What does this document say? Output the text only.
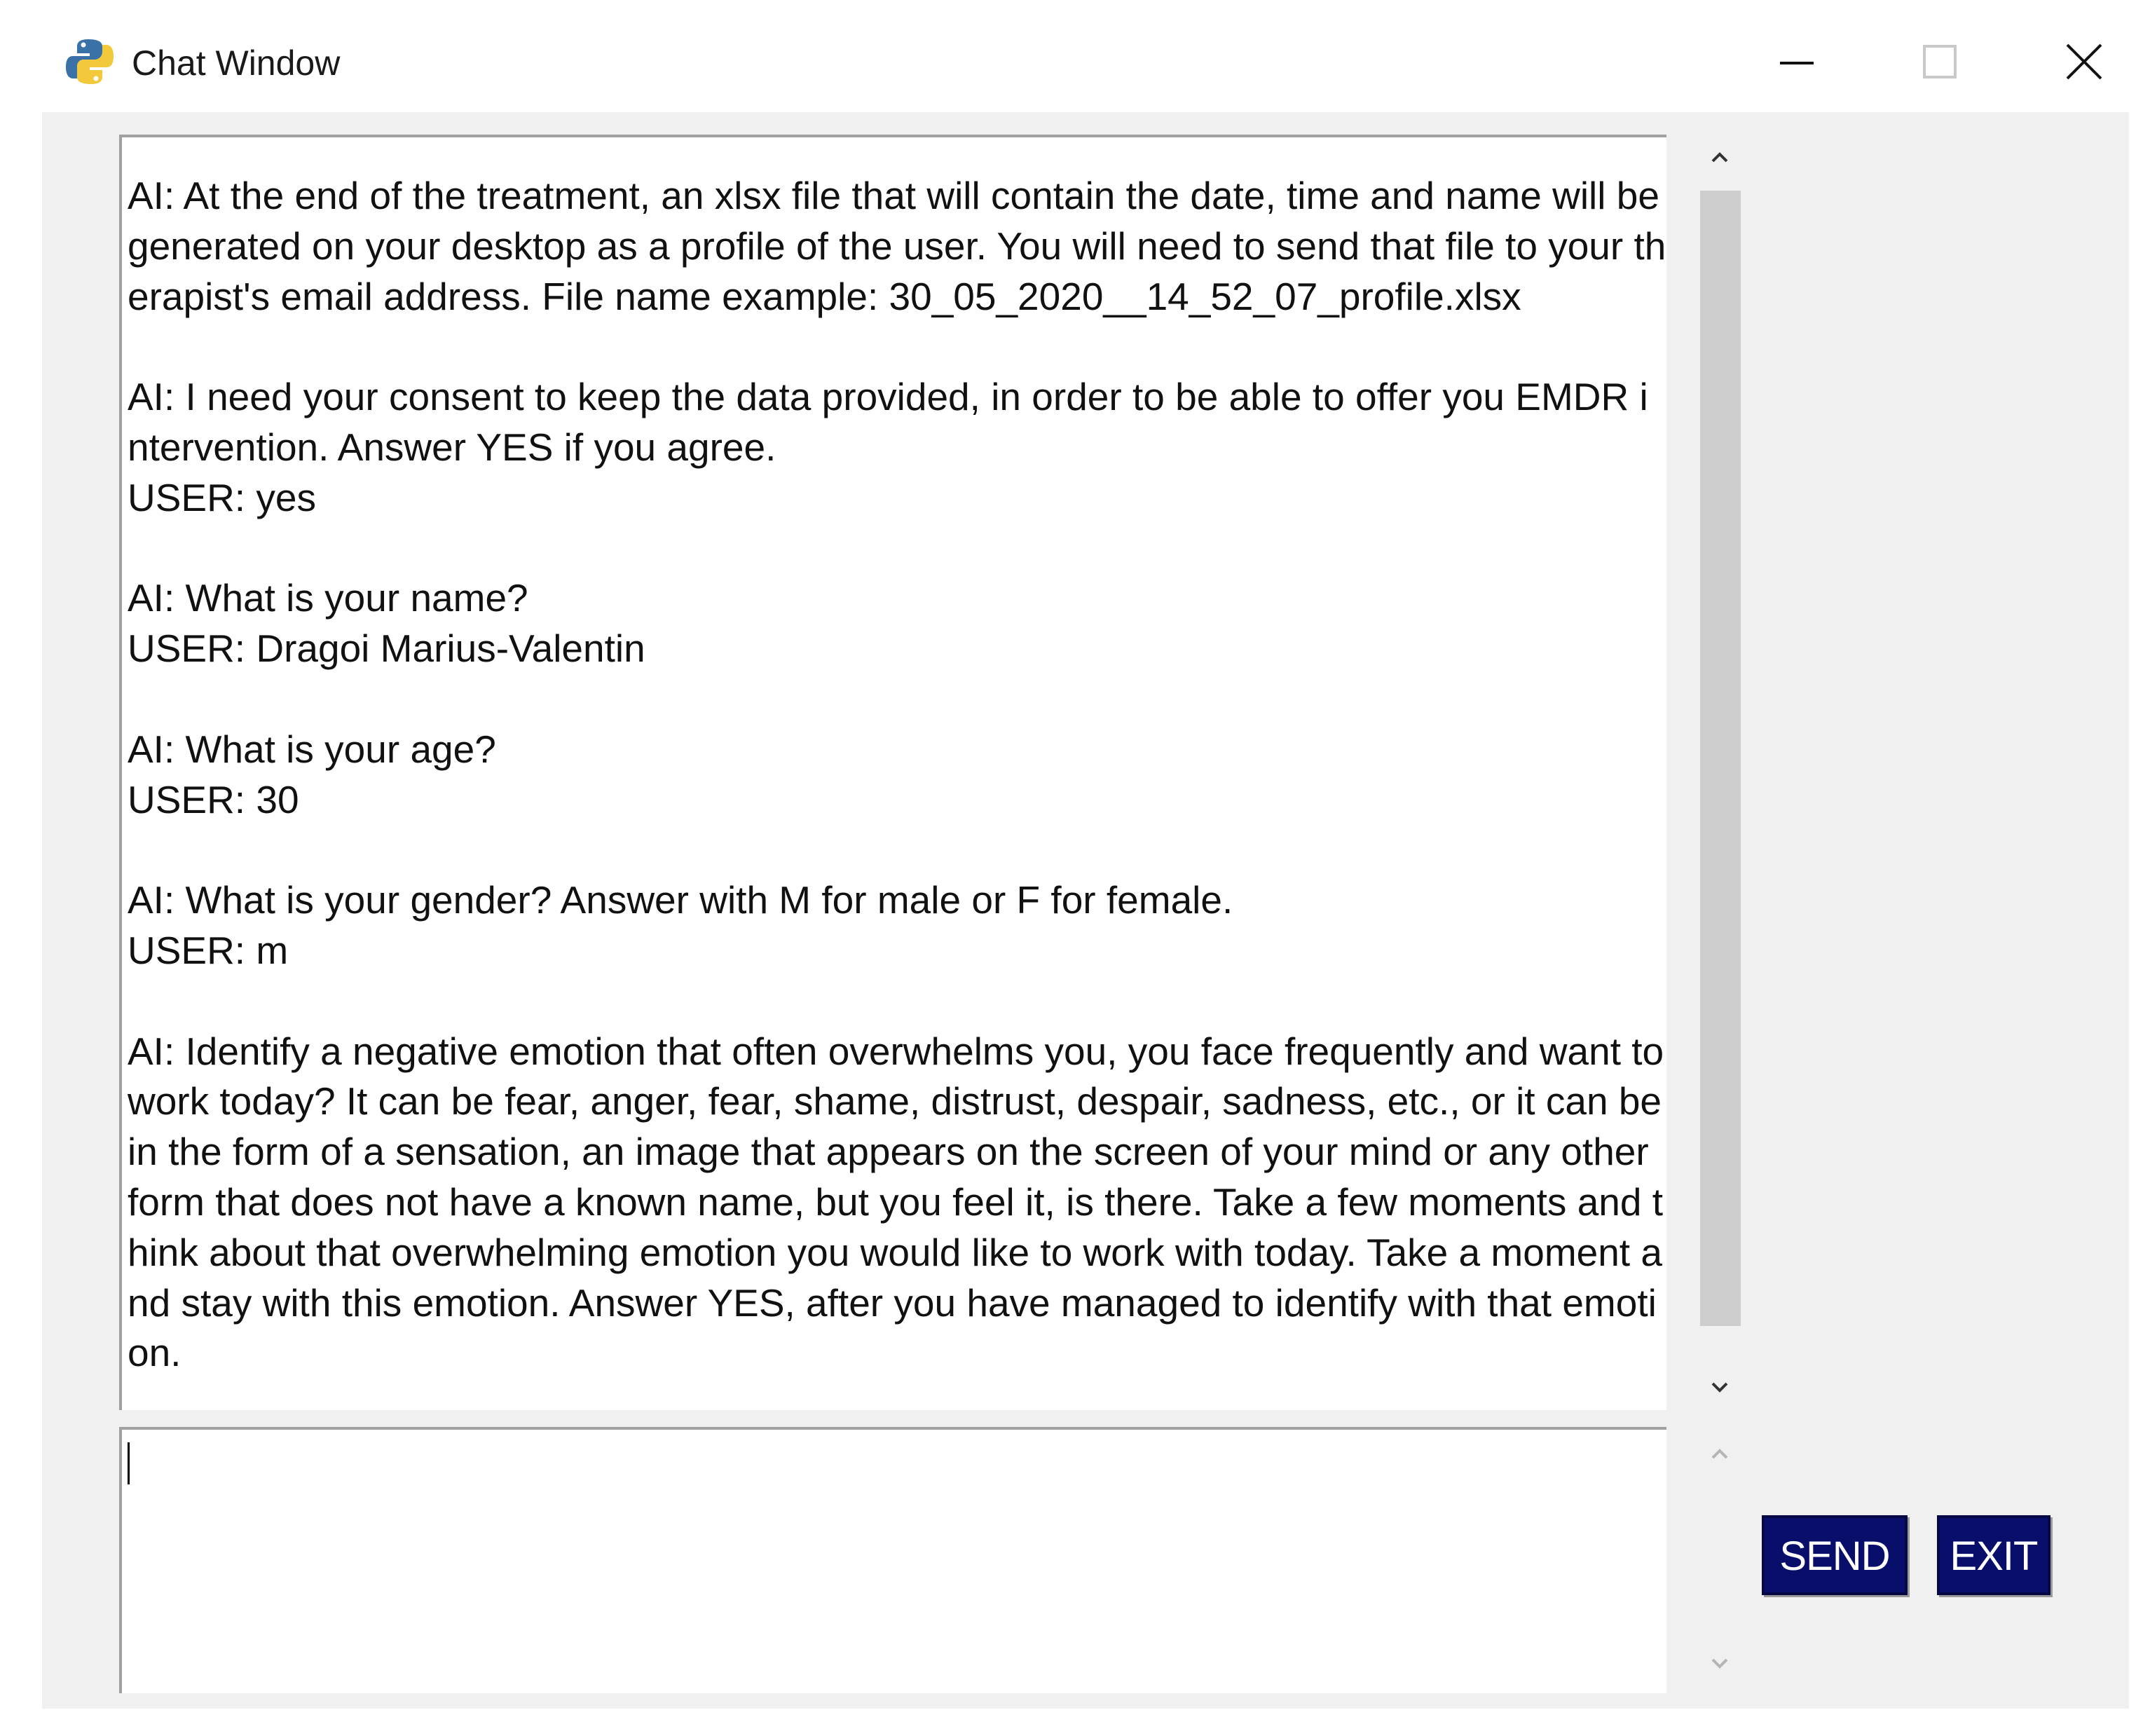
Chat Window
AI: At the end of the treatment, an xlsx file that will contain the date, time and name will be generated on your desktop as a profile of the user. You will need to send that file to your therapist's email address. File name example: 30_05_2020__14_52_07_profile.xlsx

AI: I need your consent to keep the data provided, in order to be able to offer you EMDR intervention. Answer YES if you agree.
USER: yes

AI: What is your name?
USER: Dragoi Marius-Valentin

AI: What is your age?
USER: 30

AI: What is your gender? Answer with M for male or F for female.
USER: m

AI: Identify a negative emotion that often overwhelms you, you face frequently and want to work today? It can be fear, anger, fear, shame, distrust, despair, sadness, etc., or it can be in the form of a sensation, an image that appears on the screen of your mind or any other form that does not have a known name, but you feel it, is there. Take a few moments and think about that overwhelming emotion you would like to work with today. Take a moment and stay with this emotion. Answer YES, after you have managed to identify with that emotion.
SEND	EXIT
